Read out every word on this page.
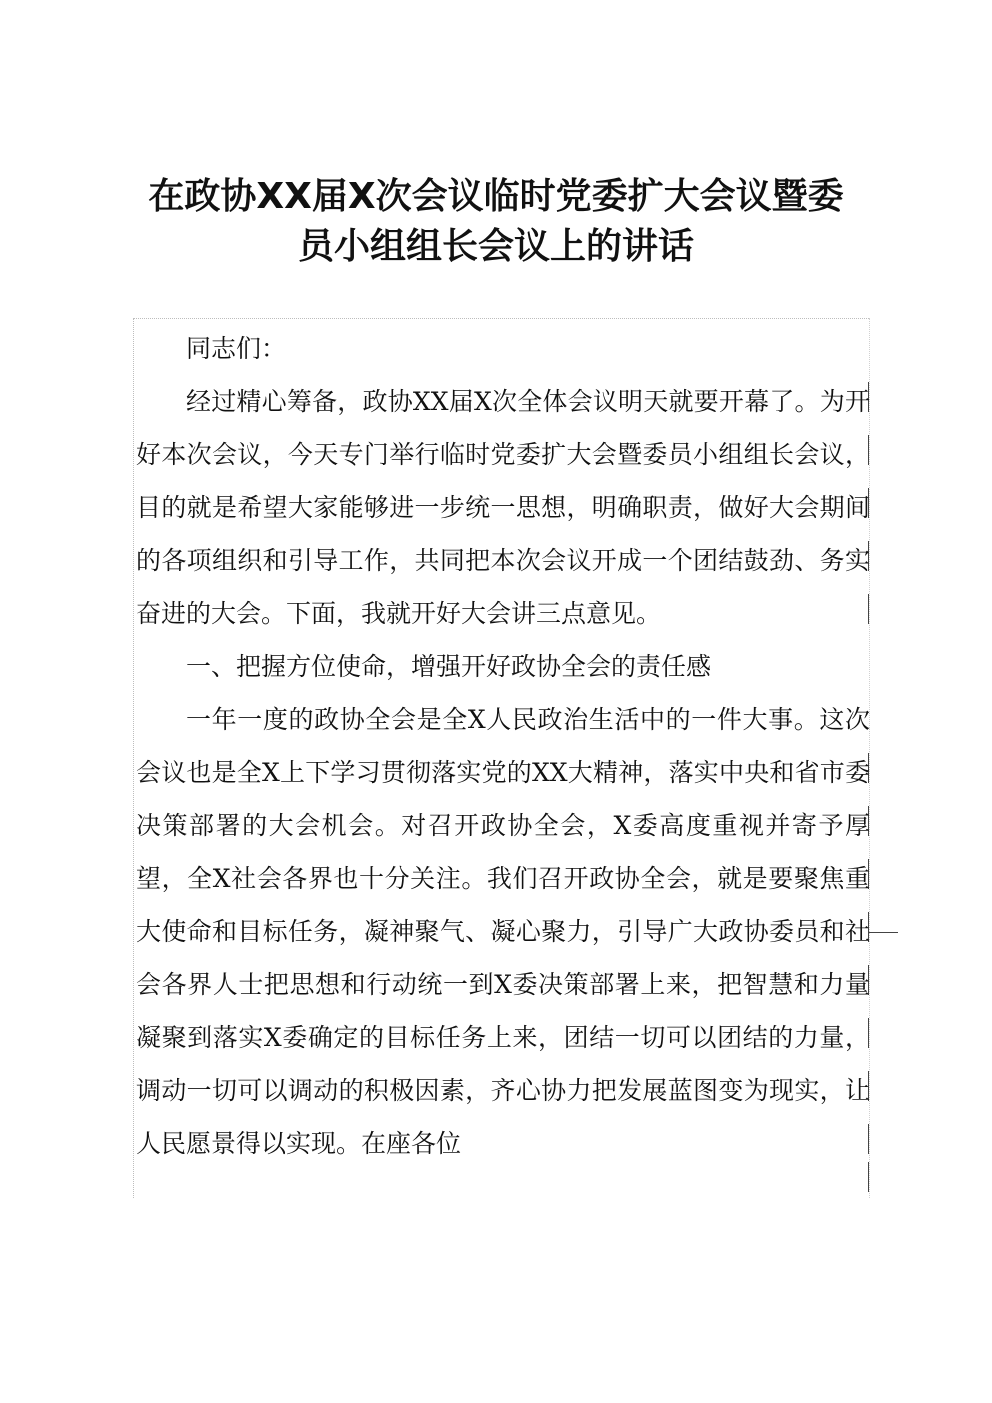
在政协XX届X次会议临时党委扩大会议暨委
员小组组长会议上的讲话

同志们：

经过精心筹备，政协XX届X次全体会议明天就要开幕了。为开好本次会议，今天专门举行临时党委扩大会暨委员小组组长会议，目的就是希望大家能够进一步统一思想，明确职责，做好大会期间的各项组织和引导工作，共同把本次会议开成一个团结鼓劲、务实奋进的大会。下面，我就开好大会讲三点意见。

一、把握方位使命，增强开好政协全会的责任感

一年一度的政协全会是全X人民政治生活中的一件大事。这次会议也是全X上下学习贯彻落实党的XX大精神，落实中央和省市委决策部署的大会机会。对召开政协全会，X委高度重视并寄予厚望，全X社会各界也十分关注。我们召开政协全会，就是要聚焦重大使命和目标任务，凝神聚气、凝心聚力，引导广大政协委员和社会各界人士把思想和行动统一到X委决策部署上来，把智慧和力量凝聚到落实X委确定的目标任务上来，团结一切可以团结的力量，调动一切可以调动的积极因素，齐心协力把发展蓝图变为现实，让人民愿景得以实现。在座各位
